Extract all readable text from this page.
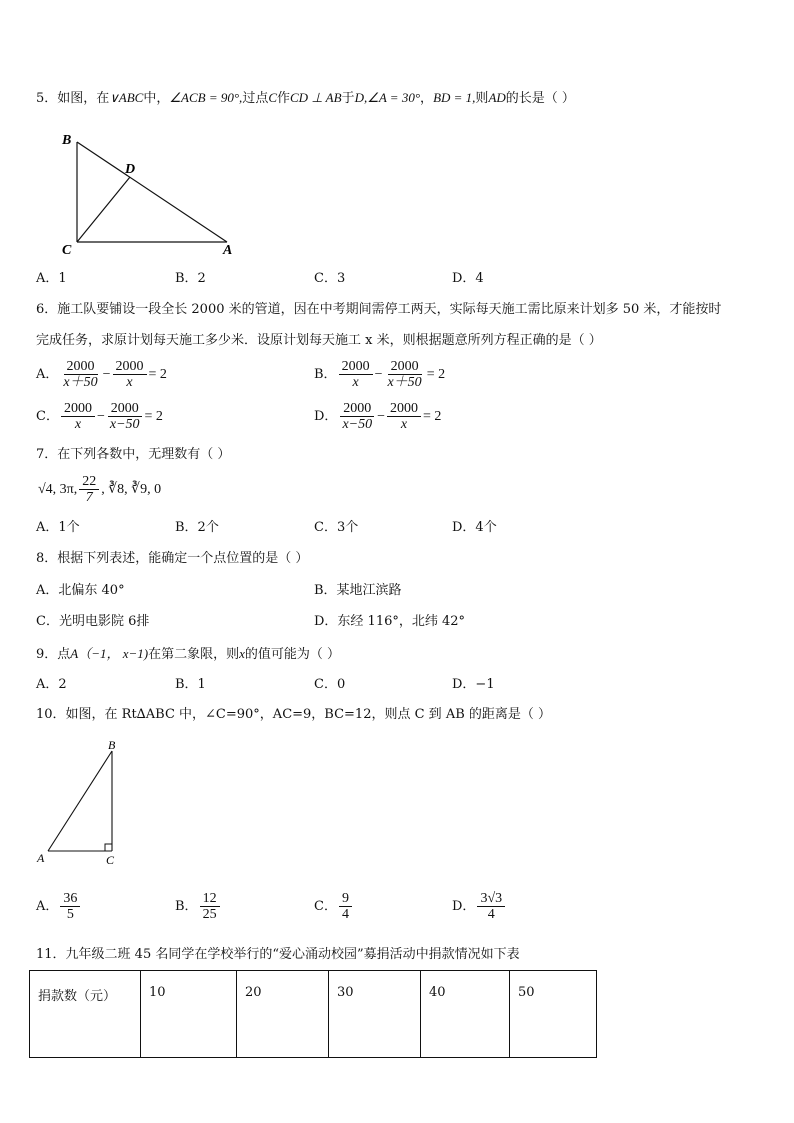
5．如图，在∨ABC中，∠ACB = 90°,过点C作CD ⊥ AB于D,∠A = 30°，BD = 1,则AD的长是（ ）
B
D
C	A
A．1	B．2	C．3	D．4
6．施工队要铺设一段全长 2000 米的管道，因在中考期间需停工两天，实际每天施工需比原来计划多 50 米，才能按时
完成任务，求原计划每天施工多少米．设原计划每天施工 x 米，则根据题意所列方程正确的是（ ）
A． $\frac{2000}{x+50} - \frac{2000}{x} = 2$	B． $\frac{2000}{x} - \frac{2000}{x+50} = 2$
C． $\frac{2000}{x} - \frac{2000}{x-50} = 2$	D． $\frac{2000}{x-50} - \frac{2000}{x} = 2$
7．在下列各数中，无理数有（ ）
√4, 3π, $\frac{22}{7}$ , ∛8, ∛9, 0
A．1个	B．2个	C．3个	D．4个
8．根据下列表述，能确定一个点位置的是（ ）
A．北偏东 40°	B．某地江滨路
C．光明电影院 6排	D．东经 116°，北纬 42°
9．点A（−1， x−1)在第二象限，则x的值可能为（ ）
A．2	B．1	C．0	D．−1
10．如图，在 Rt∆ABC 中，∠C=90°，AC=9，BC=12，则点 C 到 AB 的距离是（ ）
B
A	C
A． $\frac{36}{5}$	B． $\frac{12}{25}$	C． $\frac{9}{4}$	D． $\frac{3√3}{4}$
11．九年级二班 45 名同学在学校举行的“爱心涌动校园”募捐活动中捐款情况如下表
捐款数（元）	10	20	30	40	50
